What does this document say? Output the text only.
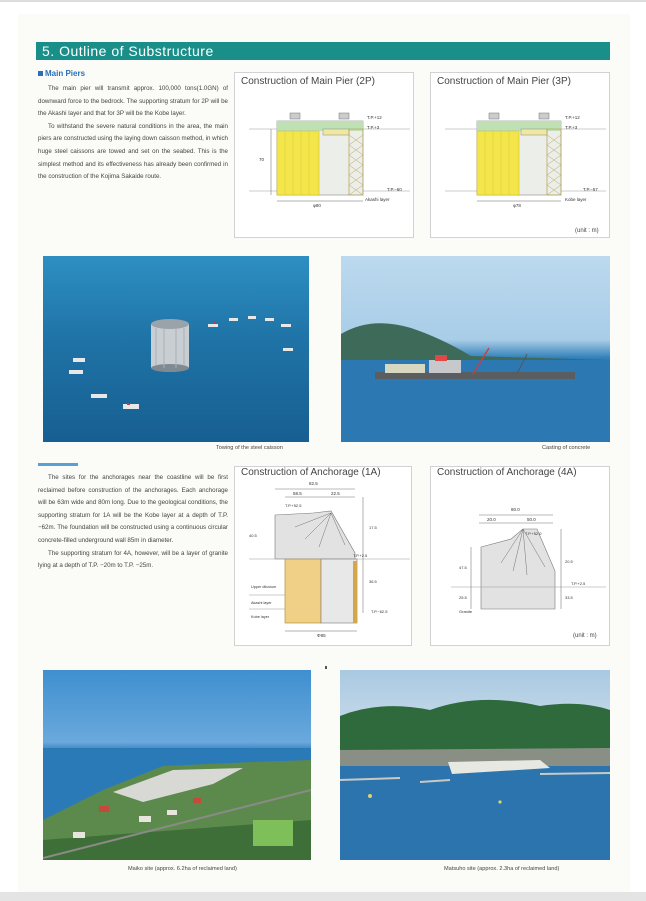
5. Outline of Substructure
Main Piers

The main pier will transmit approx. 100,000 tons(1.0GN) of downward force to the bedrock. The supporting stratum for 2P will be the Akashi layer and that for 3P will be the Kobe layer.

To withstand the severe natural conditions in the area, the main piers are constructed using the laying down caisson method, in which huge steel caissons are towed and set on the seabed. This is the simplest method and its effectiveness has already been confirmed in the construction of the Kojima Sakaide route.

Construction of Main Pier (2P)
70
T.P.+12
T.P.+3
T.P.−60
φ80
Akashi layer
Construction of Main Pier (3P)
T.P.+12
T.P.+3
T.P.−57
φ78
Kobe layer
(unit : m)
Towing of the steel caisson	Casting of concrete

The sites for the anchorages near the coastline will be first reclaimed before construction of the anchorages. Each anchorage will be 63m wide and 80m long. Due to the geological conditions, the supporting stratum for 1A will be the Kobe layer at a depth of T.P. −62m. The foundation will be constructed using a continuous circular concrete-filled underground wall 85m in diameter.

The supporting stratum for 4A, however, will be a layer of granite lying at a depth of T.P. −20m to T.P. −25m.

Construction of Anchorage (1A)
82.5
58.5	22.5
T.P.+52.5
40.5
17.5
T.P.+2.5
36.5
T.P.−62.5
Upper diluvium
Akashi layer
Kobe layer
Φ85
Construction of Anchorage (4A)
80.0
20.0	50.0
T.P.+52.0
47.5
20.5
T.P.+2.5
33.5
25.5
Granite
(unit : m)
Maiko site (approx. 6.2ha of reclaimed land)	Matsuho site (approx. 2.3ha of reclaimed land)
